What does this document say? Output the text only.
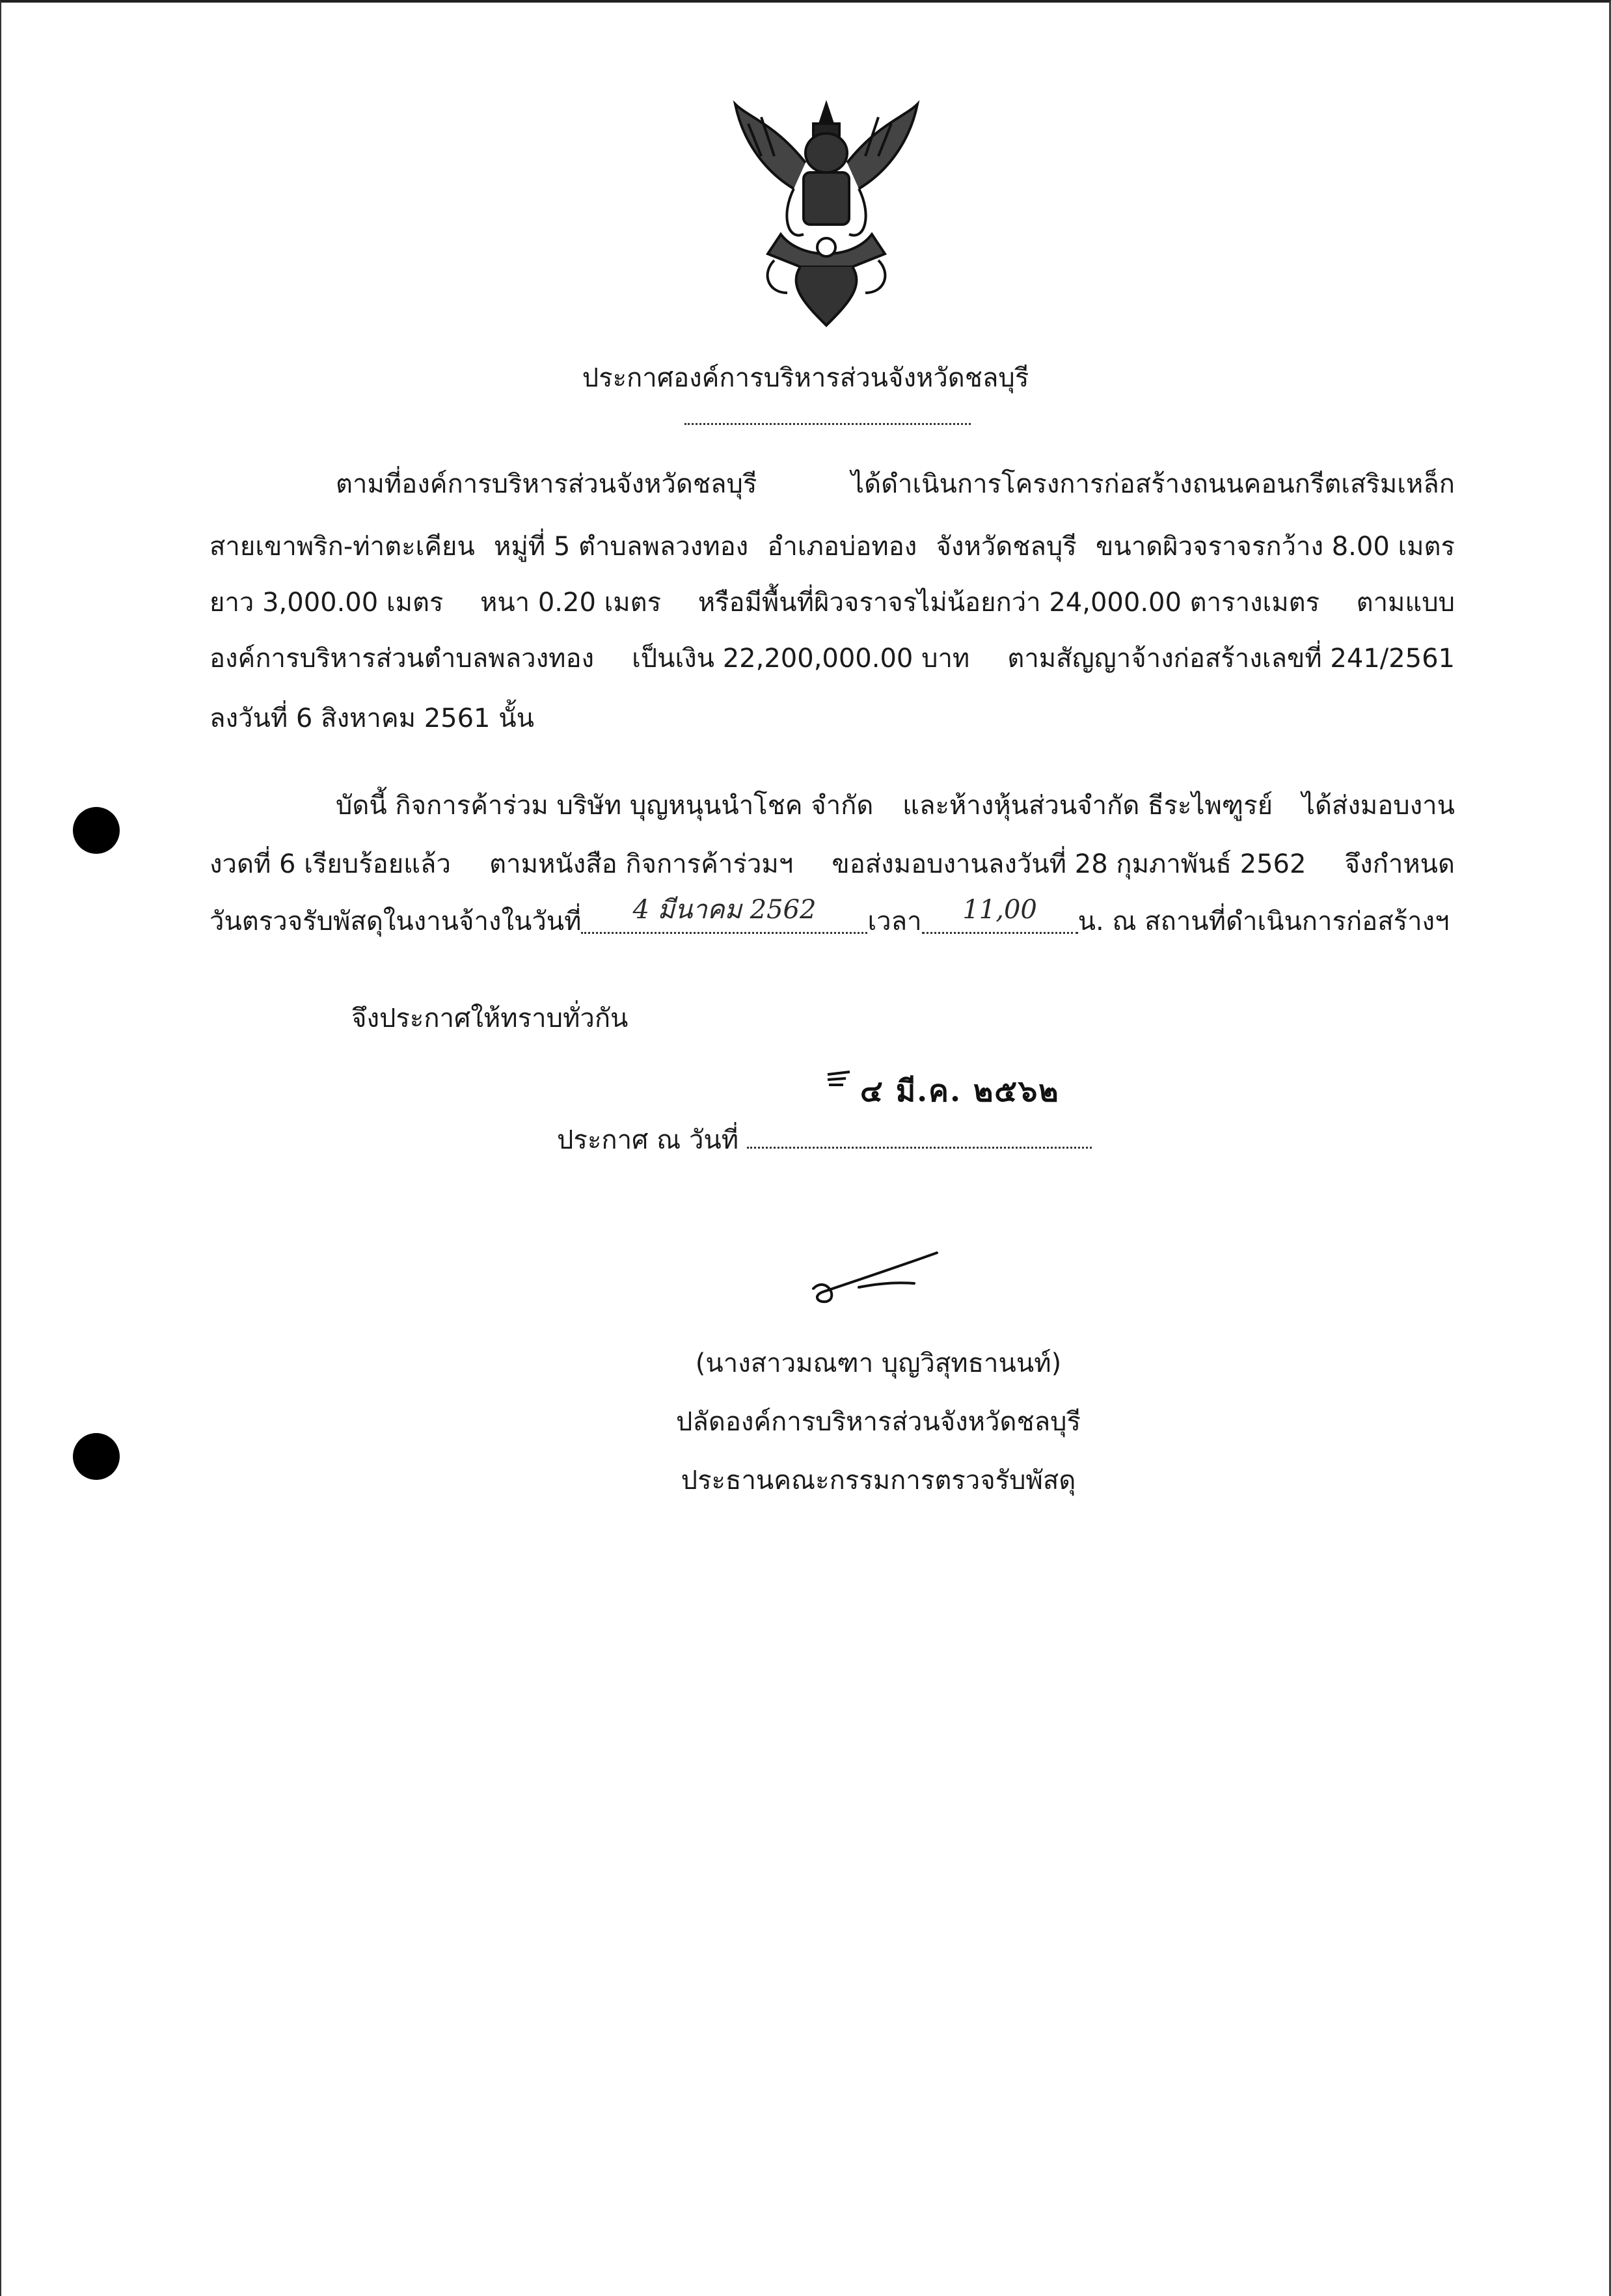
ประกาศองค์การบริหารส่วนจังหวัดชลบุรี
ตามที่องค์การบริหารส่วนจังหวัดชลบุรี	ได้ดำเนินการโครงการก่อสร้างถนนคอนกรีตเสริมเหล็ก
สายเขาพริก-ท่าตะเคียน หมู่ที่ 5 ตำบลพลวงทอง อำเภอบ่อทอง จังหวัดชลบุรี ขนาดผิวจราจรกว้าง 8.00 เมตร
ยาว 3,000.00 เมตร หนา 0.20 เมตร หรือมีพื้นที่ผิวจราจรไม่น้อยกว่า 24,000.00 ตารางเมตร ตามแบบ
องค์การบริหารส่วนตำบลพลวงทอง เป็นเงิน 22,200,000.00 บาท ตามสัญญาจ้างก่อสร้างเลขที่ 241/2561
ลงวันที่ 6 สิงหาคม 2561 นั้น
บัดนี้ กิจการค้าร่วม บริษัท บุญหนุนนำโชค จำกัด และห้างหุ้นส่วนจำกัด ธีระไพฑูรย์ ได้ส่งมอบงาน
งวดที่ 6 เรียบร้อยแล้ว ตามหนังสือ กิจการค้าร่วมฯ ขอส่งมอบงานลงวันที่ 28 กุมภาพันธ์ 2562 จึงกำหนด
วันตรวจรับพัสดุในงานจ้างในวันที่	4 มีนาคม 2562	เวลา	11,00	น. ณ สถานที่ดำเนินการก่อสร้างฯ
จึงประกาศให้ทราบทั่วกัน
๔ มี.ค. ๒๕๖๒
ประกาศ ณ วันที่
(นางสาวมณฑา บุญวิสุทธานนท์)
ปลัดองค์การบริหารส่วนจังหวัดชลบุรี
ประธานคณะกรรมการตรวจรับพัสดุ
